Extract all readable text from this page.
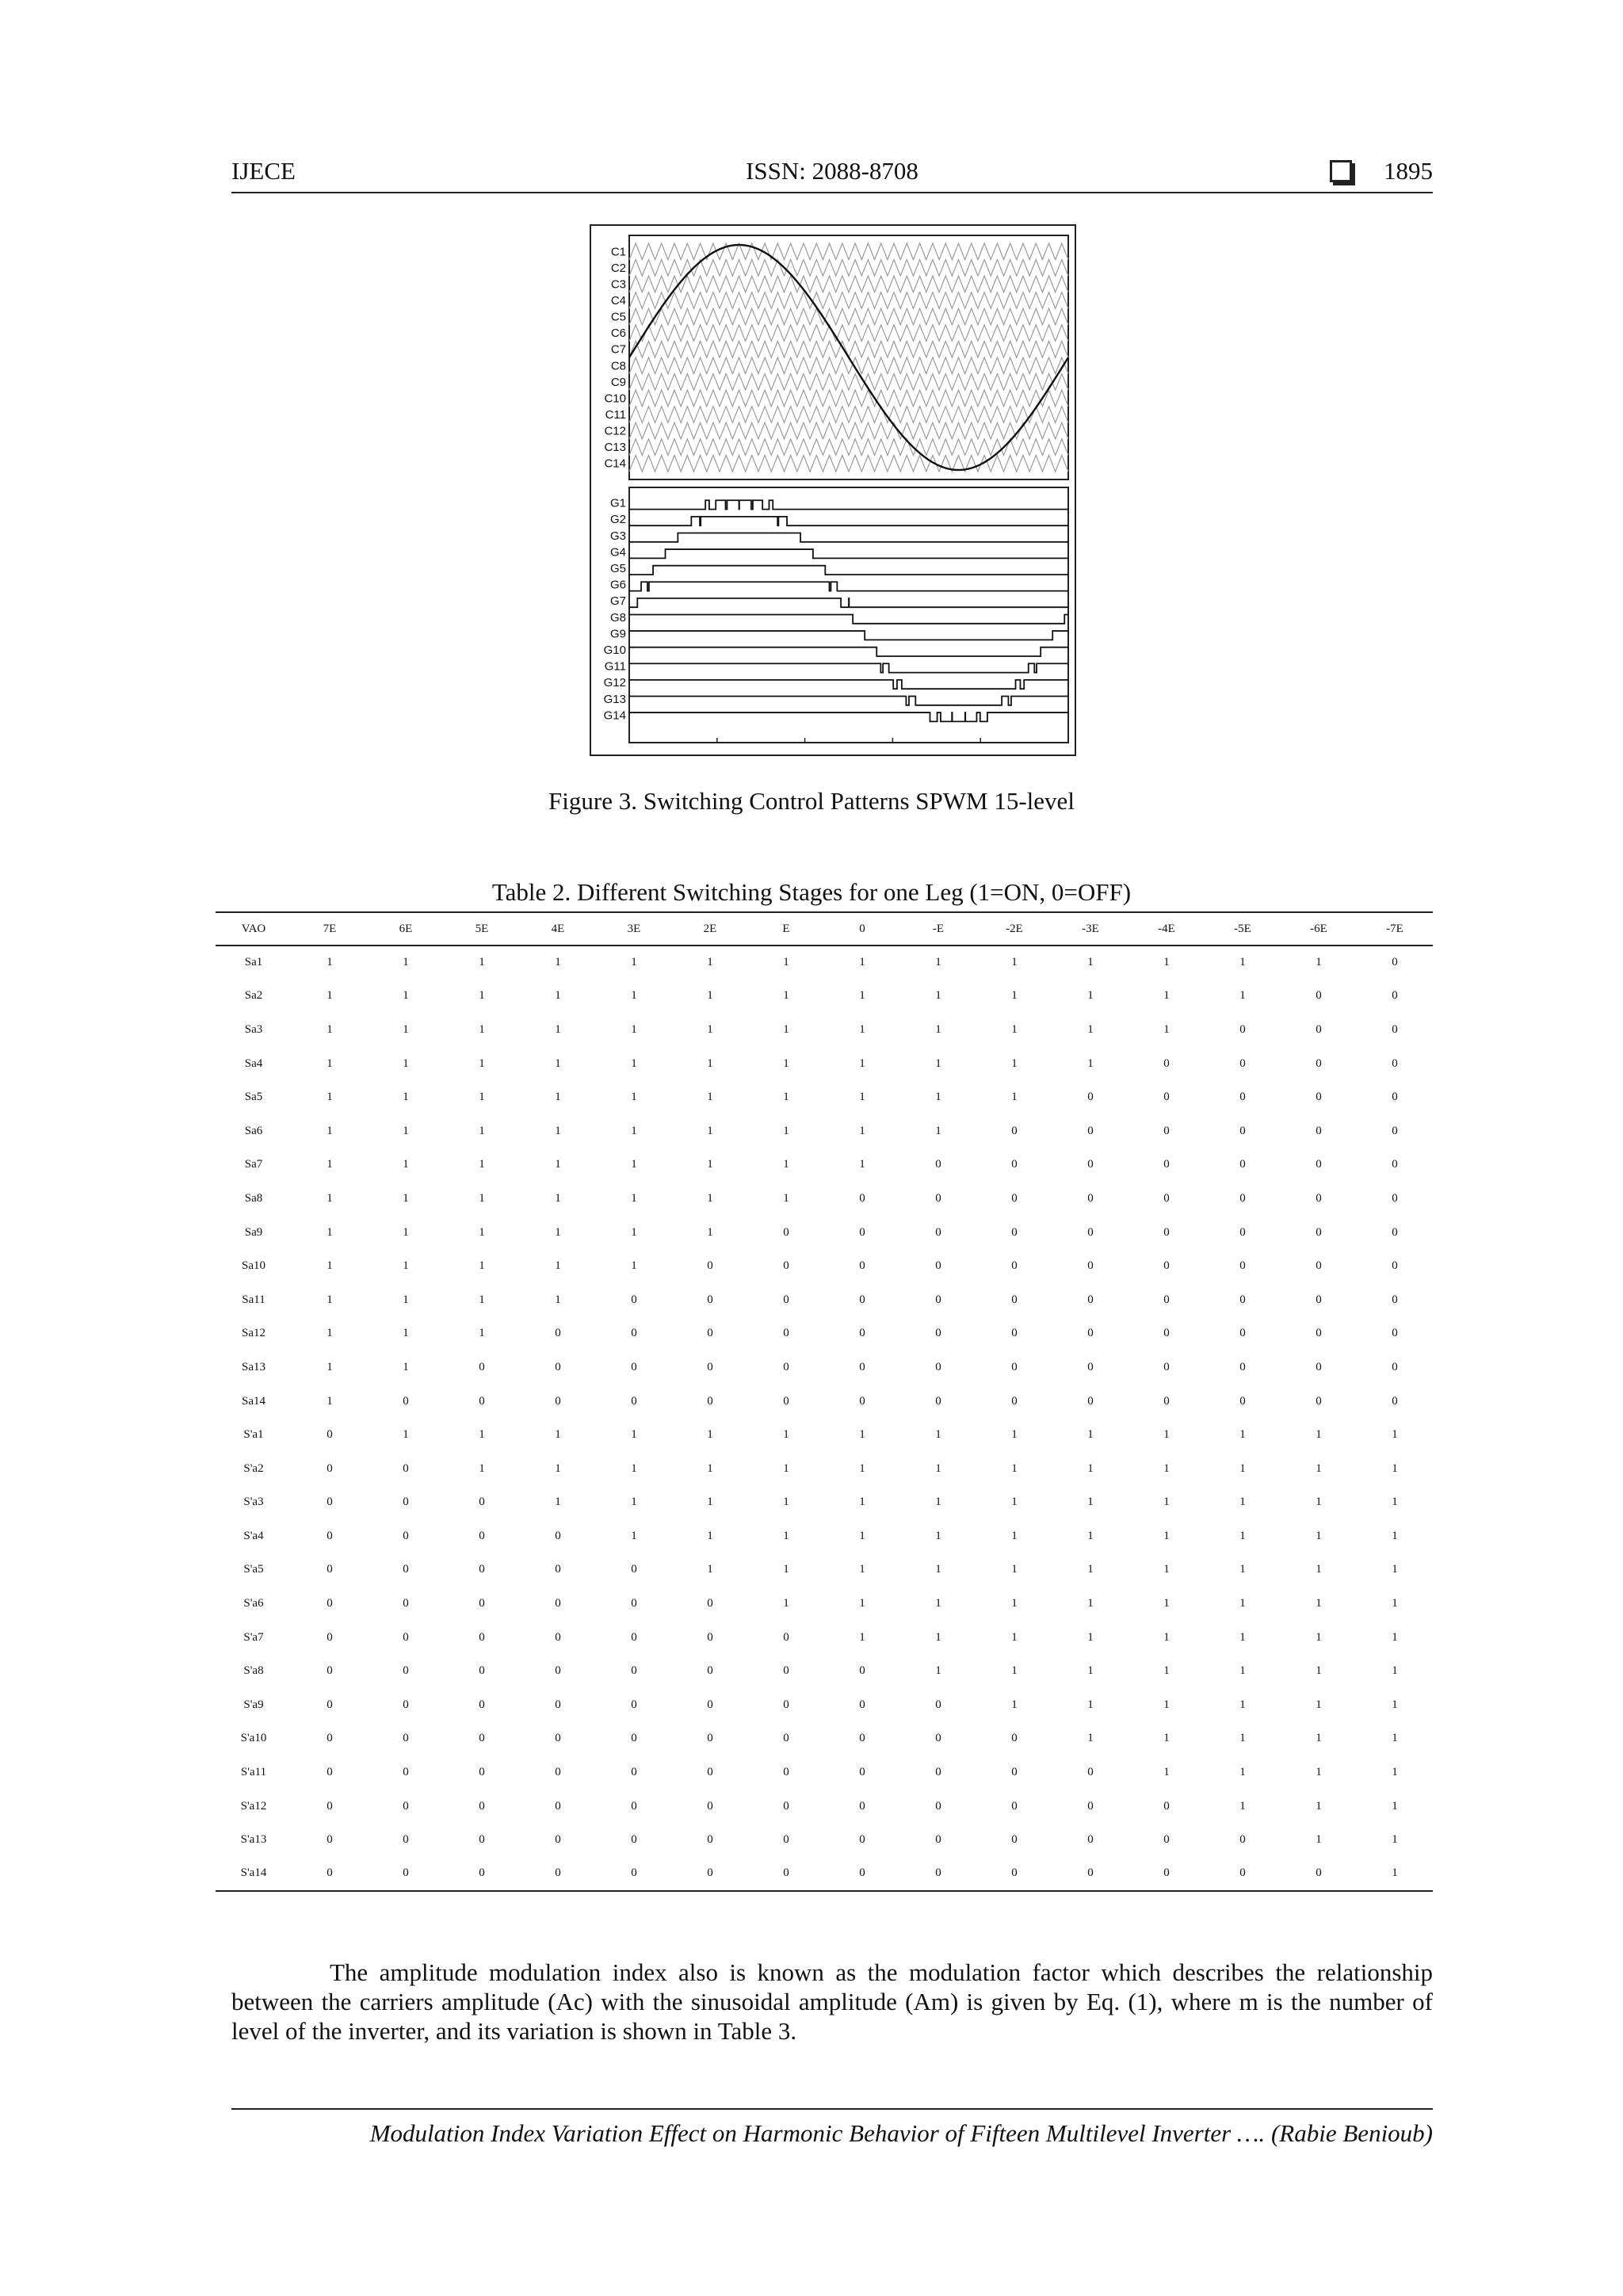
IJECE	ISSN: 2088-8708	1895
C1
C2
C3
C4
C5
C6
C7
C8
C9
C10
C11
C12
C13
C14
G1
G2
G3
G4
G5
G6
G7
G8
G9
G10
G11
G12
G13
G14
Figure 3. Switching Control Patterns SPWM 15-level
Table 2. Different Switching Stages for one Leg (1=ON, 0=OFF)
VAO	7E	6E	5E	4E	3E	2E	E	0	-E	-2E	-3E	-4E	-5E	-6E	-7E
Sa1	1	1	1	1	1	1	1	1	1	1	1	1	1	1	0
Sa2	1	1	1	1	1	1	1	1	1	1	1	1	1	0	0
Sa3	1	1	1	1	1	1	1	1	1	1	1	1	0	0	0
Sa4	1	1	1	1	1	1	1	1	1	1	1	0	0	0	0
Sa5	1	1	1	1	1	1	1	1	1	1	0	0	0	0	0
Sa6	1	1	1	1	1	1	1	1	1	0	0	0	0	0	0
Sa7	1	1	1	1	1	1	1	1	0	0	0	0	0	0	0
Sa8	1	1	1	1	1	1	1	0	0	0	0	0	0	0	0
Sa9	1	1	1	1	1	1	0	0	0	0	0	0	0	0	0
Sa10	1	1	1	1	1	0	0	0	0	0	0	0	0	0	0
Sa11	1	1	1	1	0	0	0	0	0	0	0	0	0	0	0
Sa12	1	1	1	0	0	0	0	0	0	0	0	0	0	0	0
Sa13	1	1	0	0	0	0	0	0	0	0	0	0	0	0	0
Sa14	1	0	0	0	0	0	0	0	0	0	0	0	0	0	0
S'a1	0	1	1	1	1	1	1	1	1	1	1	1	1	1	1
S'a2	0	0	1	1	1	1	1	1	1	1	1	1	1	1	1
S'a3	0	0	0	1	1	1	1	1	1	1	1	1	1	1	1
S'a4	0	0	0	0	1	1	1	1	1	1	1	1	1	1	1
S'a5	0	0	0	0	0	1	1	1	1	1	1	1	1	1	1
S'a6	0	0	0	0	0	0	1	1	1	1	1	1	1	1	1
S'a7	0	0	0	0	0	0	0	1	1	1	1	1	1	1	1
S'a8	0	0	0	0	0	0	0	0	1	1	1	1	1	1	1
S'a9	0	0	0	0	0	0	0	0	0	1	1	1	1	1	1
S'a10	0	0	0	0	0	0	0	0	0	0	1	1	1	1	1
S'a11	0	0	0	0	0	0	0	0	0	0	0	1	1	1	1
S'a12	0	0	0	0	0	0	0	0	0	0	0	0	1	1	1
S'a13	0	0	0	0	0	0	0	0	0	0	0	0	0	1	1
S'a14	0	0	0	0	0	0	0	0	0	0	0	0	0	0	1
The amplitude modulation index also is known as the modulation factor which describes the relationship between the carriers amplitude (Ac) with the sinusoidal amplitude (Am) is given by Eq. (1), where m is the number of level of the inverter, and its variation is shown in Table 3.
Modulation Index Variation Effect on Harmonic Behavior of Fifteen Multilevel Inverter …. (Rabie Benioub)
